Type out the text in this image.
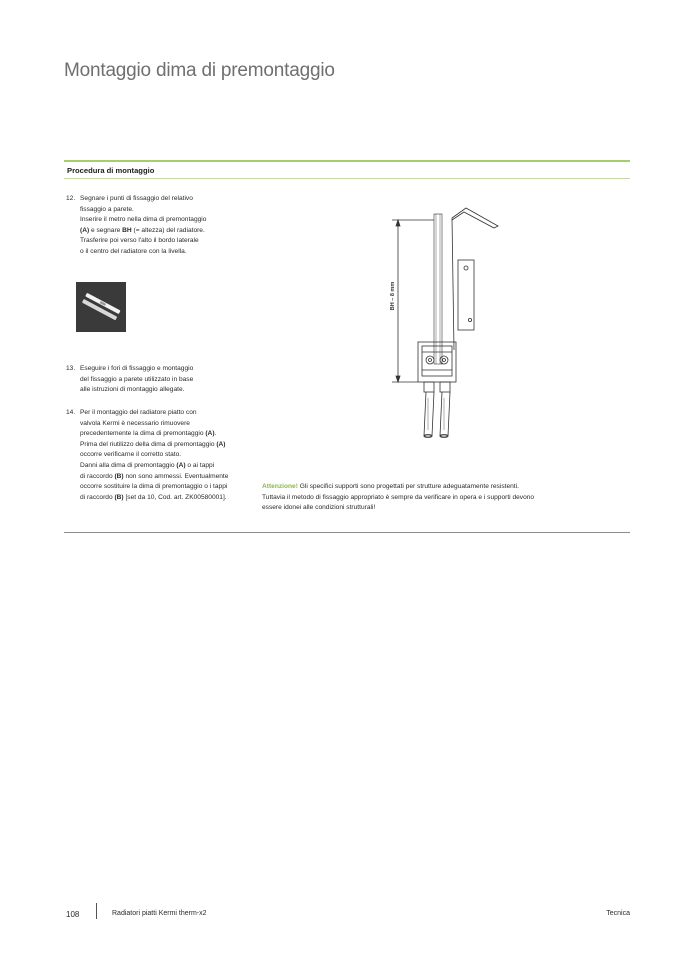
Montaggio dima di premontaggio
Procedura di montaggio
12. Segnare i punti di fissaggio del relativo
fissaggio a parete.
Inserire il metro nella dima di premontaggio
(A) e segnare BH (= altezza) del radiatore.
Trasferire poi verso l'alto il bordo laterale
o il centro del radiatore con la livella.
13. Eseguire i fori di fissaggio e montaggio
del fissaggio a parete utilizzato in base
alle istruzioni di montaggio allegate.
14. Per il montaggio del radiatore piatto con
valvola Kermi è necessario rimuovere
precedentemente la dima di premontaggio (A).
Prima del riutilizzo della dima di premontaggio (A)
occorre verificarne il corretto stato.
Danni alla dima di premontaggio (A) o ai tappi
di raccordo (B) non sono ammessi. Eventualmente
occorre sostituire la dima di premontaggio o i tappi
di raccordo (B) [set da 10, Cod. art. ZK00580001].
BH – 8 mm
Attenzione! Gli specifici supporti sono progettati per strutture adeguatamente resistenti.
Tuttavia il metodo di fissaggio appropriato è sempre da verificare in opera e i supporti devono
essere idonei alle condizioni strutturali!
108	Radiatori piatti Kermi therm-x2	Tecnica
